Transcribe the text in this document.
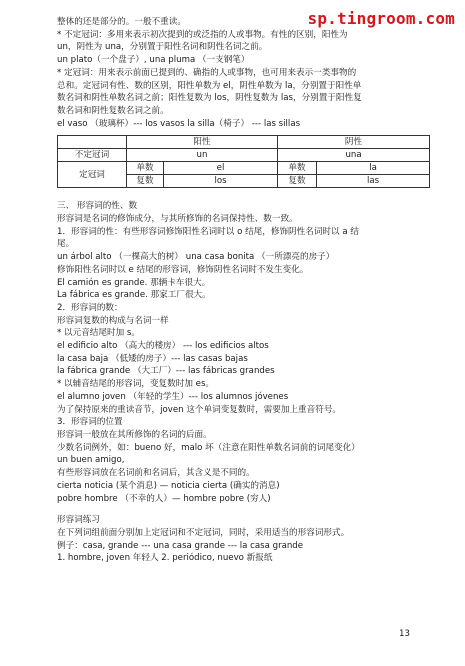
sp.tingroom.com

整体的还是部分的。一般不重读。

* 不定冠词：多用来表示初次提到的或泛指的人或事物。有性的区别，阳性为

un，阴性为 una，分别置于阳性名词和阴性名词之前。

un plato（一个盘子）, una pluma （一支钢笔）

* 定冠词：用来表示前面已提到的、确指的人或事物，也可用来表示一类事物的

总和。定冠词有性、数的区别，阳性单数为 el，阴性单数为 la，分别置于阳性单

数名词和阴性单数名词之前；阳性复数为 los，阴性复数为 las，分别置于阳性复

数名词和阴性复数名词之前。

el vaso （玻璃杯）--- los vasos la silla（椅子） --- las sillas

	阳性		阴性	
不定冠词	un		una	
定冠词	单数	el	单数	la
	复数	los	复数	las

三、 形容词的性、数

形容词是名词的修饰成分，与其所修饰的名词保持性、数一致。

1．形容词的性：有些形容词修饰阳性名词时以 o 结尾，修饰阴性名词时以 a 结

尾。

un árbol alto （一棵高大的树） una casa bonita （一所漂亮的房子）

修饰阳性名词时以 e 结尾的形容词，修饰阴性名词时不发生变化。

El camión es grande. 那辆卡车很大。

La fábrica es grande. 那家工厂很大。

2．形容词的数：

形容词复数的构成与名词一样

* 以元音结尾时加 s。

el edificio alto （高大的楼房） --- los edificios altos

la casa baja （低矮的房子）--- las casas bajas

la fábrica grande （大工厂）--- las fábricas grandes

* 以辅音结尾的形容词，变复数时加 es。

el alumno joven （年轻的学生）--- los alumnos jóvenes

为了保持原来的重读音节，joven 这个单词变复数时，需要加上重音符号。

3．形容词的位置

形容词一般放在其所修饰的名词的后面。

少数名词例外，如：bueno 好，malo 坏（注意在阳性单数名词前的词尾变化）

un buen amigo,

有些形容词放在名词前和名词后，其含义是不同的。

cierta noticia (某个消息) — noticia cierta (确实的消息)

pobre hombre （不幸的人）— hombre pobre (穷人)

形容词练习

在下列词组前面分别加上定冠词和不定冠词，同时，采用适当的形容词形式。

例子：casa, grande --- una casa grande --- la casa grande

1. hombre, joven 年轻人 2. periódico, nuevo 新报纸

13
